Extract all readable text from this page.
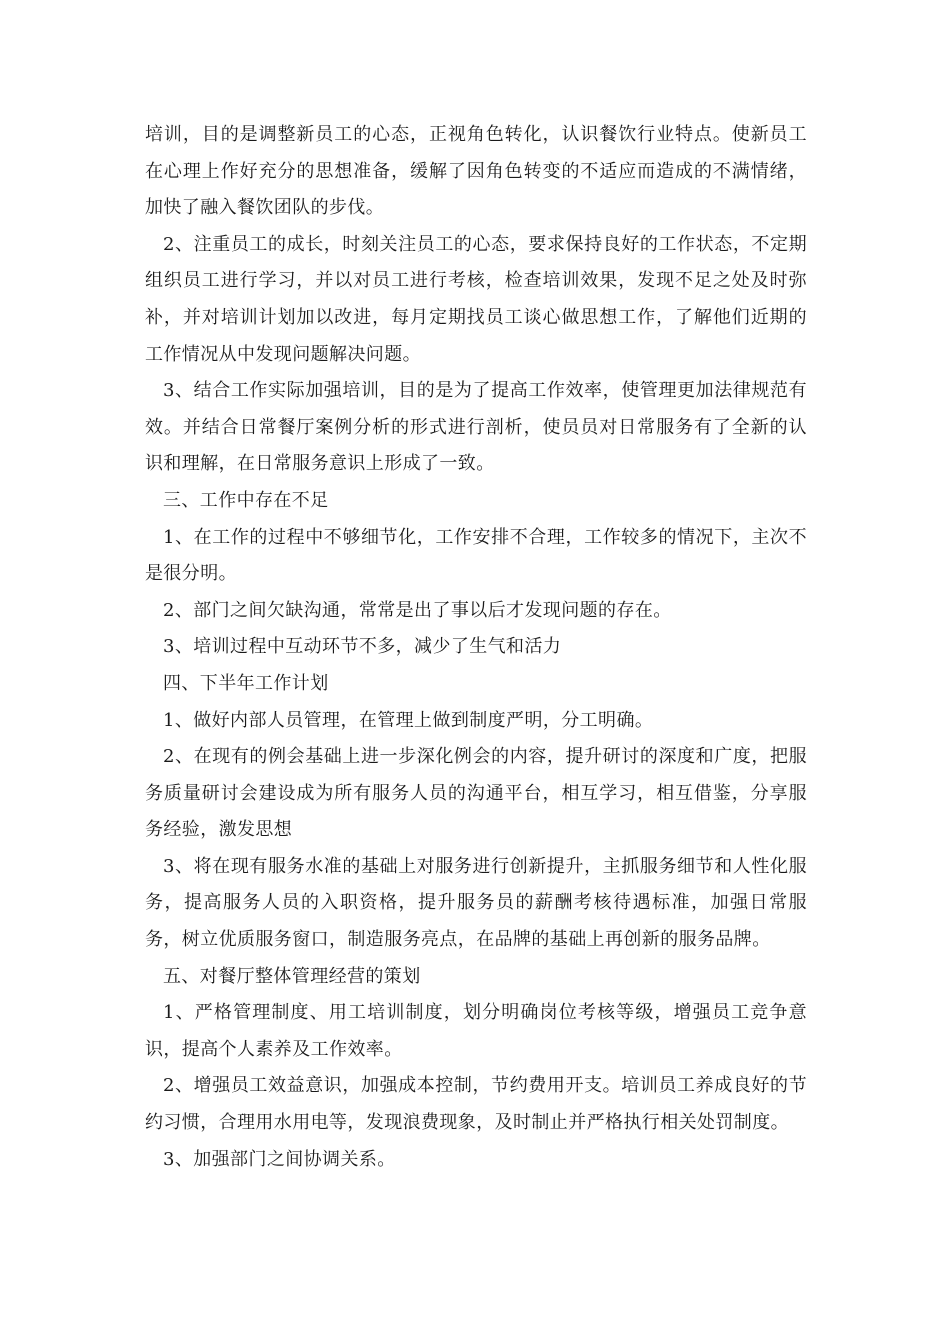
培训，目的是调整新员工的心态，正视角色转化，认识餐饮行业特点。使新员工在心理上作好充分的思想准备，缓解了因角色转变的不适应而造成的不满情绪，加快了融入餐饮团队的步伐。

2、注重员工的成长，时刻关注员工的心态，要求保持良好的工作状态，不定期组织员工进行学习，并以对员工进行考核，检查培训效果，发现不足之处及时弥补，并对培训计划加以改进，每月定期找员工谈心做思想工作，了解他们近期的工作情况从中发现问题解决问题。

3、结合工作实际加强培训，目的是为了提高工作效率，使管理更加法律规范有效。并结合日常餐厅案例分析的形式进行剖析，使员员对日常服务有了全新的认识和理解，在日常服务意识上形成了一致。

三、工作中存在不足

1、在工作的过程中不够细节化，工作安排不合理，工作较多的情况下，主次不是很分明。

2、部门之间欠缺沟通，常常是出了事以后才发现问题的存在。

3、培训过程中互动环节不多，减少了生气和活力

四、下半年工作计划

1、做好内部人员管理，在管理上做到制度严明，分工明确。

2、在现有的例会基础上进一步深化例会的内容，提升研讨的深度和广度，把服务质量研讨会建设成为所有服务人员的沟通平台，相互学习，相互借鉴，分享服务经验，激发思想

3、将在现有服务水准的基础上对服务进行创新提升，主抓服务细节和人性化服务，提高服务人员的入职资格，提升服务员的薪酬考核待遇标准，加强日常服务，树立优质服务窗口，制造服务亮点，在品牌的基础上再创新的服务品牌。

五、对餐厅整体管理经营的策划

1、严格管理制度、用工培训制度，划分明确岗位考核等级，增强员工竞争意识，提高个人素养及工作效率。

2、增强员工效益意识，加强成本控制，节约费用开支。培训员工养成良好的节约习惯，合理用水用电等，发现浪费现象，及时制止并严格执行相关处罚制度。

3、加强部门之间协调关系。
